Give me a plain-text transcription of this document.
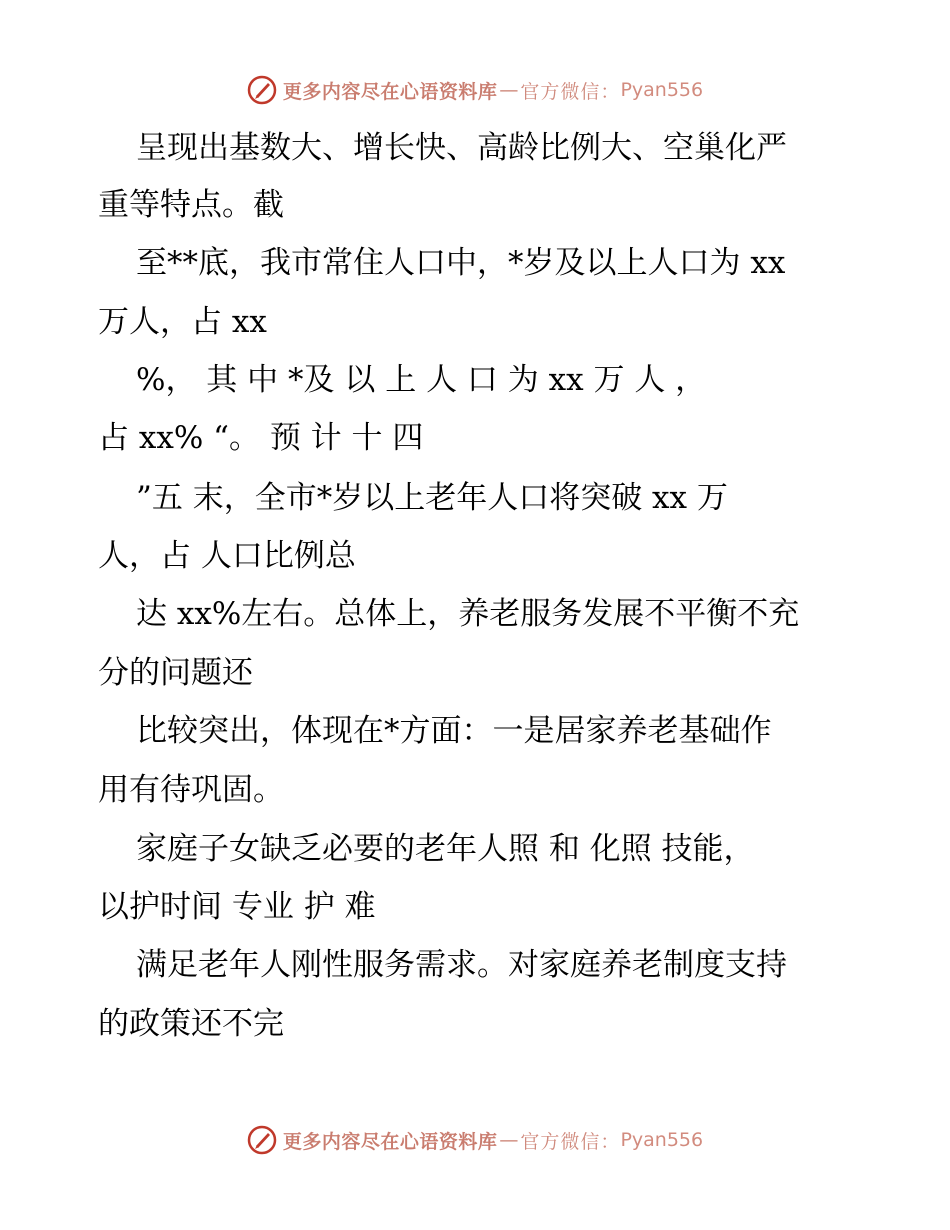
更多内容尽在心语资料库 — 官方微信： Pyan556
呈现出基数大、增长快、高龄比例大、空巢化严
重等特点。截
至**底，我市常住人口中，*岁及以上人口为 xx
万人，占 xx
%， 其 中 *及 以 上 人 口 为 xx 万 人 ，
占 xx% “。 预 计 十 四
”五 末，全市*岁以上老年人口将突破 xx 万
人，占 人口比例总
达 xx%左右。总体上，养老服务发展不平衡不充
分的问题还
比较突出，体现在*方面：一是居家养老基础作
用有待巩固。
家庭子女缺乏必要的老年人照 和 化照 技能，
以护时间 专业 护 难
满足老年人刚性服务需求。对家庭养老制度支持
的政策还不完
更多内容尽在心语资料库 — 官方微信： Pyan556
